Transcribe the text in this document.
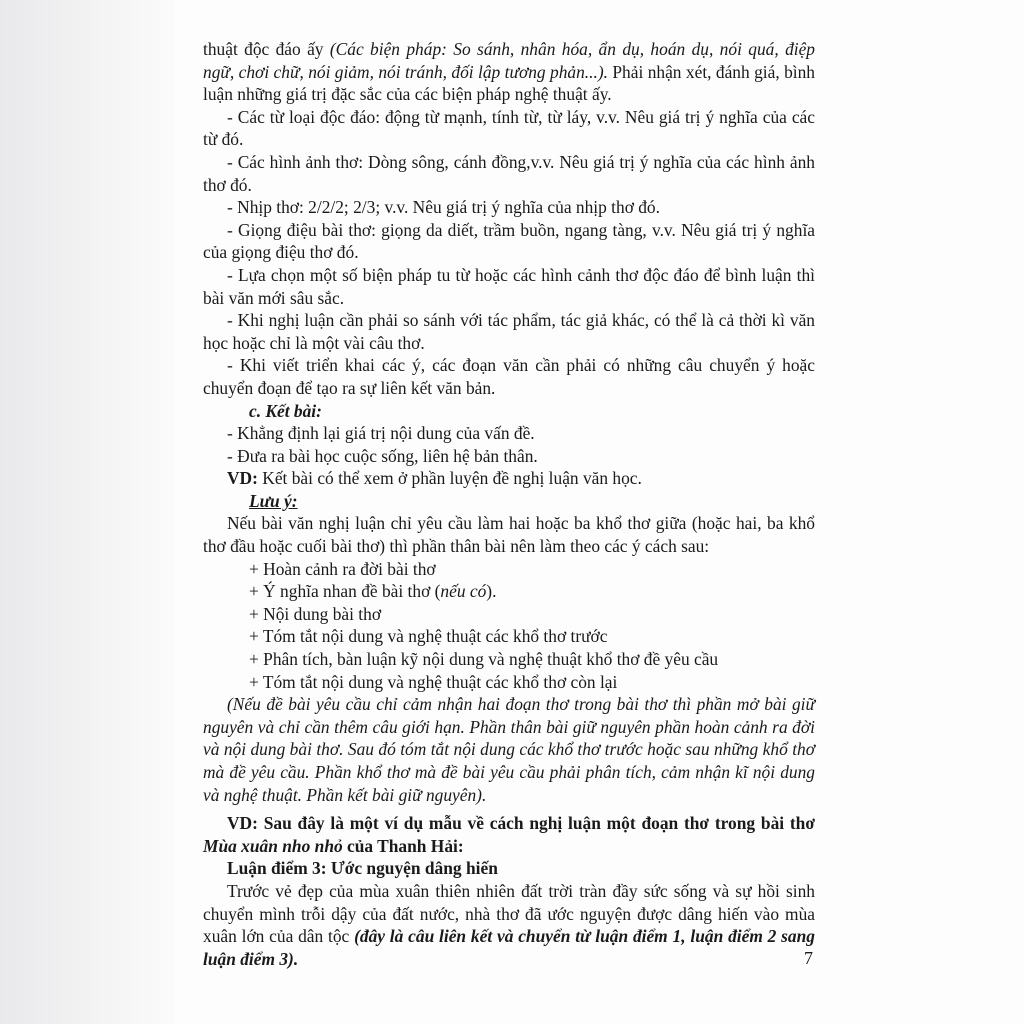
thuật độc đáo ấy (Các biện pháp: So sánh, nhân hóa, ẩn dụ, hoán dụ, nói quá, điệp ngữ, chơi chữ, nói giảm, nói tránh, đối lập tương phản...). Phải nhận xét, đánh giá, bình luận những giá trị đặc sắc của các biện pháp nghệ thuật ấy.

- Các từ loại độc đáo: động từ mạnh, tính từ, từ láy, v.v. Nêu giá trị ý nghĩa của các từ đó.

- Các hình ảnh thơ: Dòng sông, cánh đồng,v.v. Nêu giá trị ý nghĩa của các hình ảnh thơ đó.

- Nhịp thơ: 2/2/2; 2/3; v.v. Nêu giá trị ý nghĩa của nhịp thơ đó.

- Giọng điệu bài thơ: giọng da diết, trầm buồn, ngang tàng, v.v. Nêu giá trị ý nghĩa của giọng điệu thơ đó.

- Lựa chọn một số biện pháp tu từ hoặc các hình cảnh thơ độc đáo để bình luận thì bài văn mới sâu sắc.

- Khi nghị luận cần phải so sánh với tác phẩm, tác giả khác, có thể là cả thời kì văn học hoặc chỉ là một vài câu thơ.

- Khi viết triển khai các ý, các đoạn văn cần phải có những câu chuyển ý hoặc chuyển đoạn để tạo ra sự liên kết văn bản.

c. Kết bài:

- Khẳng định lại giá trị nội dung của vấn đề.

- Đưa ra bài học cuộc sống, liên hệ bản thân.

VD: Kết bài có thể xem ở phần luyện đề nghị luận văn học.

Lưu ý:

Nếu bài văn nghị luận chỉ yêu cầu làm hai hoặc ba khổ thơ giữa (hoặc hai, ba khổ thơ đầu hoặc cuối bài thơ) thì phần thân bài nên làm theo các ý cách sau:

+ Hoàn cảnh ra đời bài thơ

+ Ý nghĩa nhan đề bài thơ (nếu có).

+ Nội dung bài thơ

+ Tóm tắt nội dung và nghệ thuật các khổ thơ trước

+ Phân tích, bàn luận kỹ nội dung và nghệ thuật khổ thơ đề yêu cầu

+ Tóm tắt nội dung và nghệ thuật các khổ thơ còn lại

(Nếu đề bài yêu cầu chỉ cảm nhận hai đoạn thơ trong bài thơ thì phần mở bài giữ nguyên và chỉ cần thêm câu giới hạn. Phần thân bài giữ nguyên phần hoàn cảnh ra đời và nội dung bài thơ. Sau đó tóm tắt nội dung các khổ thơ trước hoặc sau những khổ thơ mà đề yêu cầu. Phần khổ thơ mà đề bài yêu cầu phải phân tích, cảm nhận kĩ nội dung và nghệ thuật. Phần kết bài giữ nguyên).

VD: Sau đây là một ví dụ mẫu về cách nghị luận một đoạn thơ trong bài thơ Mùa xuân nho nhỏ của Thanh Hải:

Luận điểm 3: Ước nguyện dâng hiến

Trước vẻ đẹp của mùa xuân thiên nhiên đất trời tràn đầy sức sống và sự hồi sinh chuyển mình trỗi dậy của đất nước, nhà thơ đã ước nguyện được dâng hiến vào mùa xuân lớn của dân tộc (đây là câu liên kết và chuyển từ luận điểm 1, luận điểm 2 sang luận điểm 3).	7
